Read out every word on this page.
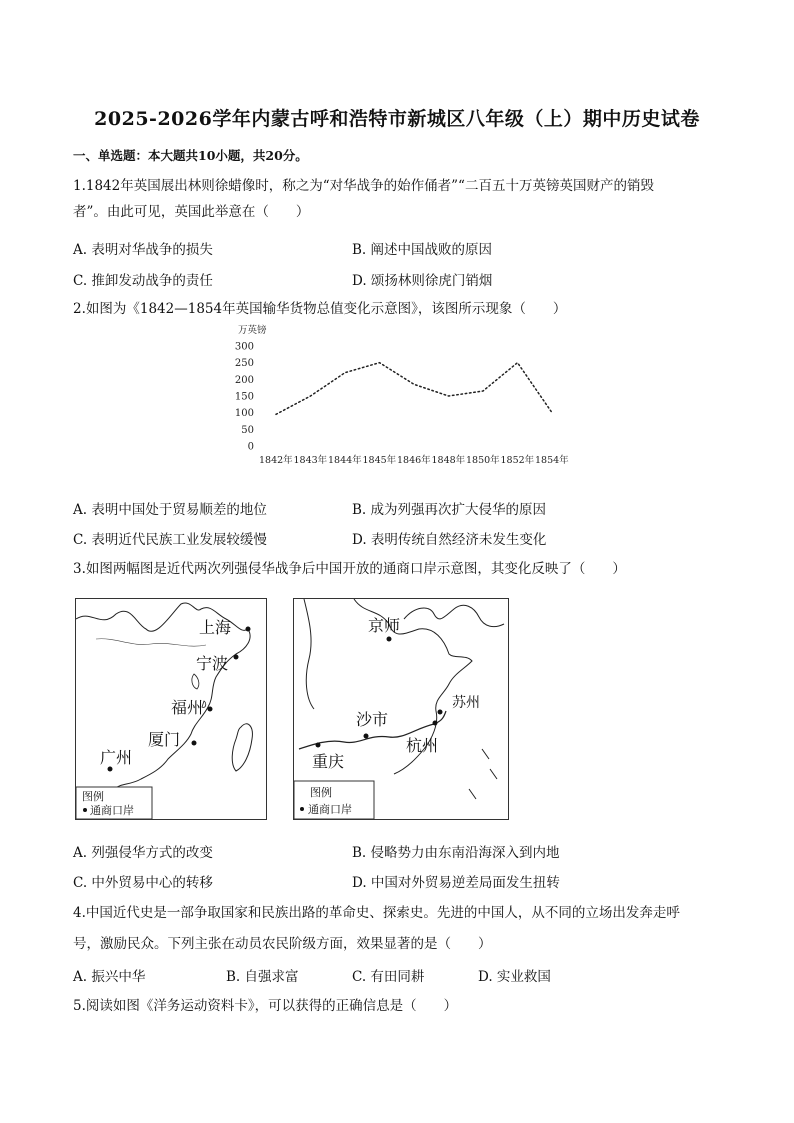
2025-2026学年内蒙古呼和浩特市新城区八年级（上）期中历史试卷
一、单选题：本大题共10小题，共20分。
1.1842年英国展出林则徐蜡像时，称之为“对华战争的始作俑者”“二百五十万英镑英国财产的销毁
者”。由此可见，英国此举意在（　　）
A. 表明对华战争的损失	B. 阐述中国战败的原因
C. 推卸发动战争的责任	D. 颂扬林则徐虎门销烟
2.如图为《1842—1854年英国输华货物总值变化示意图》，该图所示现象（　　）
万英镑
300
250
200
150
100
50
0
1842年 1843年 1844年 1845年 1846年 1848年 1850年 1852年 1854年
A. 表明中国处于贸易顺差的地位	B. 成为列强再次扩大侵华的原因
C. 表明近代民族工业发展较缓慢	D. 表明传统自然经济未发生变化
3.如图两幅图是近代两次列强侵华战争后中国开放的通商口岸示意图，其变化反映了（　　）
上海
宁波
福州
厦门
广州
图例
通商口岸
京师
苏州
沙市
杭州
重庆
图例
通商口岸
A. 列强侵华方式的改变	B. 侵略势力由东南沿海深入到内地
C. 中外贸易中心的转移	D. 中国对外贸易逆差局面发生扭转
4.中国近代史是一部争取国家和民族出路的革命史、探索史。先进的中国人，从不同的立场出发奔走呼
号，激励民众。下列主张在动员农民阶级方面，效果显著的是（　　）
A. 振兴中华	B. 自强求富	C. 有田同耕	D. 实业救国
5.阅读如图《洋务运动资料卡》，可以获得的正确信息是（　　）
